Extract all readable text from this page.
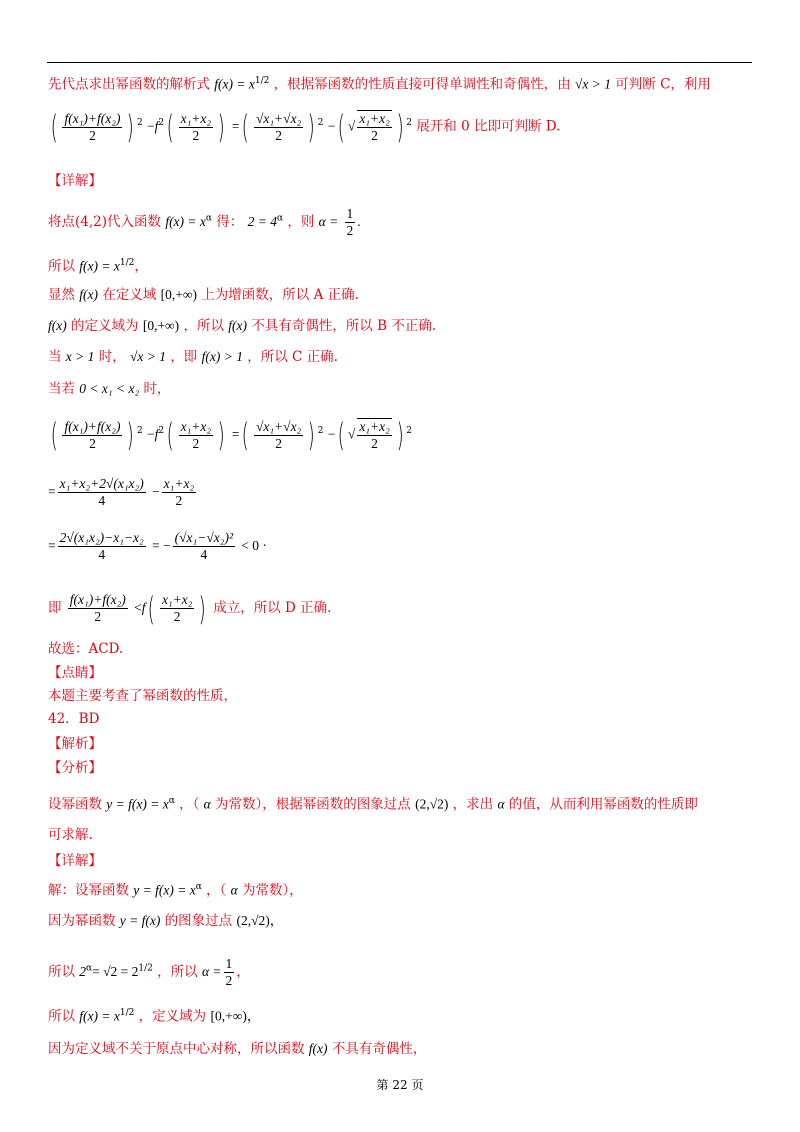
先代点求出幂函数的解析式 $f(x) = x^{1/2}$ ，根据幂函数的性质直接可得单调性和奇偶性，由 √x > 1 可判断 C，利用
( $\frac{\text{f(x₁)+f(x₂)}}{2}$ ) $^2 -f^2( \frac{\text{x₁+x₂}}{2}$ ) =( $\frac{\text{√x₁+√x₂}}{2}$ ) $^2$ −( √ $\frac{\text{x₁+x₂}}{2}$ ) $^2$ 展开和 0 比即可判断 D.
【详解】
将点(4,2)代入函数 $f(x) = x^\alpha$ 得： $2 = 4^\alpha$ ，则 $\alpha = \frac{1}{2}$ .
所以 $f(x) = x^{1/2}$，
显然 f(x) 在定义域 [0,+∞) 上为增函数，所以 A 正确.
f(x) 的定义域为 [0,+∞) ，所以 f(x) 不具有奇偶性，所以 B 不正确.
当 x > 1 时， √x > 1 ，即 f(x) > 1 ，所以 C 正确.
当若 0 < x₁ < x₂ 时，
( $\frac{\text{f(x₁)+f(x₂)}}{2}$ ) $^2 -f^2( \frac{\text{x₁+x₂}}{2}$ ) =( $\frac{\text{√x₁+√x₂}}{2}$ ) $^2$ −( √ $\frac{\text{x₁+x₂}}{2}$ ) $^2$
= $\frac{\text{x₁+x₂+2√(x₁x₂)}}{4} - \frac{\text{x₁+x₂}}{2}$
= $\frac{\text{2√(x₁x₂)−x₁−x₂}}{4}$ = − $\frac{\text{(√x₁−√x₂)²}}{4} < 0$ ·
即 $\frac{\text{f(x₁)+f(x₂)}}{2} <f( \frac{\text{x₁+x₂}}{2}$ ) 成立，所以 D 正确.
故选：ACD.
【点睛】
本题主要考查了幂函数的性质，
42．BD
【解析】
【分析】
设幂函数 $y = f(x) = x^\alpha$ ，（ α 为常数），根据幂函数的图象过点 (2,√2) ，求出 α 的值，从而利用幂函数的性质即
可求解.
【详解】
解：设幂函数 $y = f(x) = x^\alpha$ ，（ α 为常数），
因为幂函数 y = f(x) 的图象过点 (2,√2)，
所以 $2^\alpha= √2 = 2^{1/2}$ ，所以 $\alpha = \frac{1}{2}$ ，
所以 $f(x) = x^{1/2}$ ，定义域为 [0,+∞)，
因为定义域不关于原点中心对称，所以函数 f(x) 不具有奇偶性，
第 22 页
